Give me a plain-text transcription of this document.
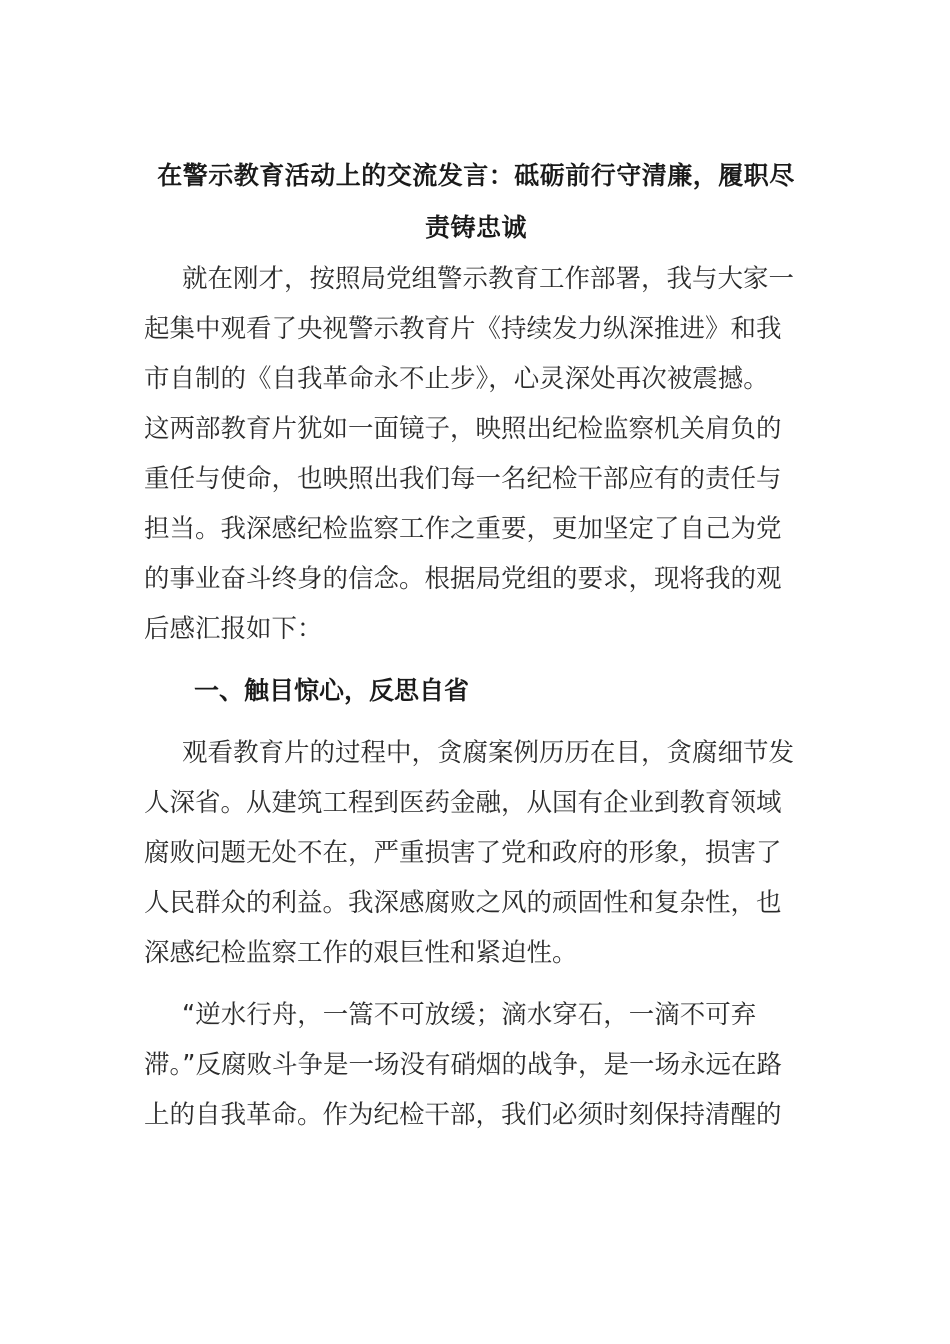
在警示教育活动上的交流发言：砥砺前行守清廉，履职尽
责铸忠诚

就在刚才，按照局党组警示教育工作部署，我与大家一
起集中观看了央视警示教育片《持续发力纵深推进》和我
市自制的《自我革命永不止步》，心灵深处再次被震撼。
这两部教育片犹如一面镜子，映照出纪检监察机关肩负的
重任与使命，也映照出我们每一名纪检干部应有的责任与
担当。我深感纪检监察工作之重要，更加坚定了自己为党
的事业奋斗终身的信念。根据局党组的要求，现将我的观
后感汇报如下：

一、触目惊心，反思自省

观看教育片的过程中，贪腐案例历历在目，贪腐细节发
人深省。从建筑工程到医药金融，从国有企业到教育领域
腐败问题无处不在，严重损害了党和政府的形象，损害了
人民群众的利益。我深感腐败之风的顽固性和复杂性，也
深感纪检监察工作的艰巨性和紧迫性。

“逆水行舟，一篙不可放缓；滴水穿石，一滴不可弃
滞。”反腐败斗争是一场没有硝烟的战争，是一场永远在路
上的自我革命。作为纪检干部，我们必须时刻保持清醒的
